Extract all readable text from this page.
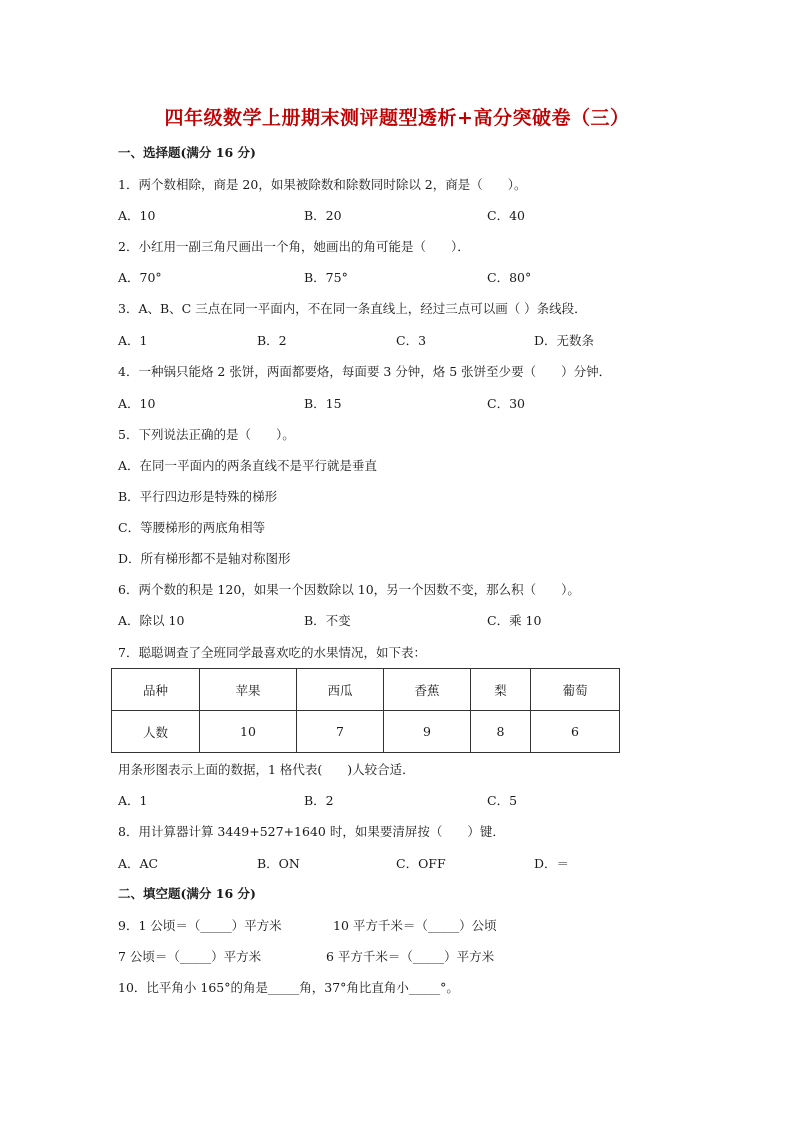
四年级数学上册期末测评题型透析+高分突破卷（三）
一、选择题(满分 16 分)
1．两个数相除，商是 20，如果被除数和除数同时除以 2，商是（　　）。
A．10	B．20	C．40
2．小红用一副三角尺画出一个角，她画出的角可能是（　　）．
A．70°	B．75°	C．80°
3．A、B、C 三点在同一平面内，不在同一条直线上，经过三点可以画（ ）条线段．
A．1	B．2	C．3	D．无数条
4．一种锅只能烙 2 张饼，两面都要烙，每面要 3 分钟，烙 5 张饼至少要（　　）分钟．
A．10	B．15	C．30
5．下列说法正确的是（　　）。
A．在同一平面内的两条直线不是平行就是垂直
B．平行四边形是特殊的梯形
C．等腰梯形的两底角相等
D．所有梯形都不是轴对称图形
6．两个数的积是 120，如果一个因数除以 10，另一个因数不变，那么积（　　）。
A．除以 10	B．不变	C．乘 10
7．聪聪调查了全班同学最喜欢吃的水果情况，如下表：
品种	苹果	西瓜	香蕉	梨	葡萄
人数	10	7	9	8	6
用条形图表示上面的数据，1 格代表(　　)人较合适．
A．1	B．2	C．5
8．用计算器计算 3449+527+1640 时，如果要清屏按（　　）键．
A．AC	B．ON	C．OFF	D．＝
二、填空题(满分 16 分)
9．1 公顷＝（_____）平方米	10 平方千米＝（_____）公顷
7 公顷＝（_____）平方米	6 平方千米＝（_____）平方米
10．比平角小 165°的角是_____角，37°角比直角小_____°。
